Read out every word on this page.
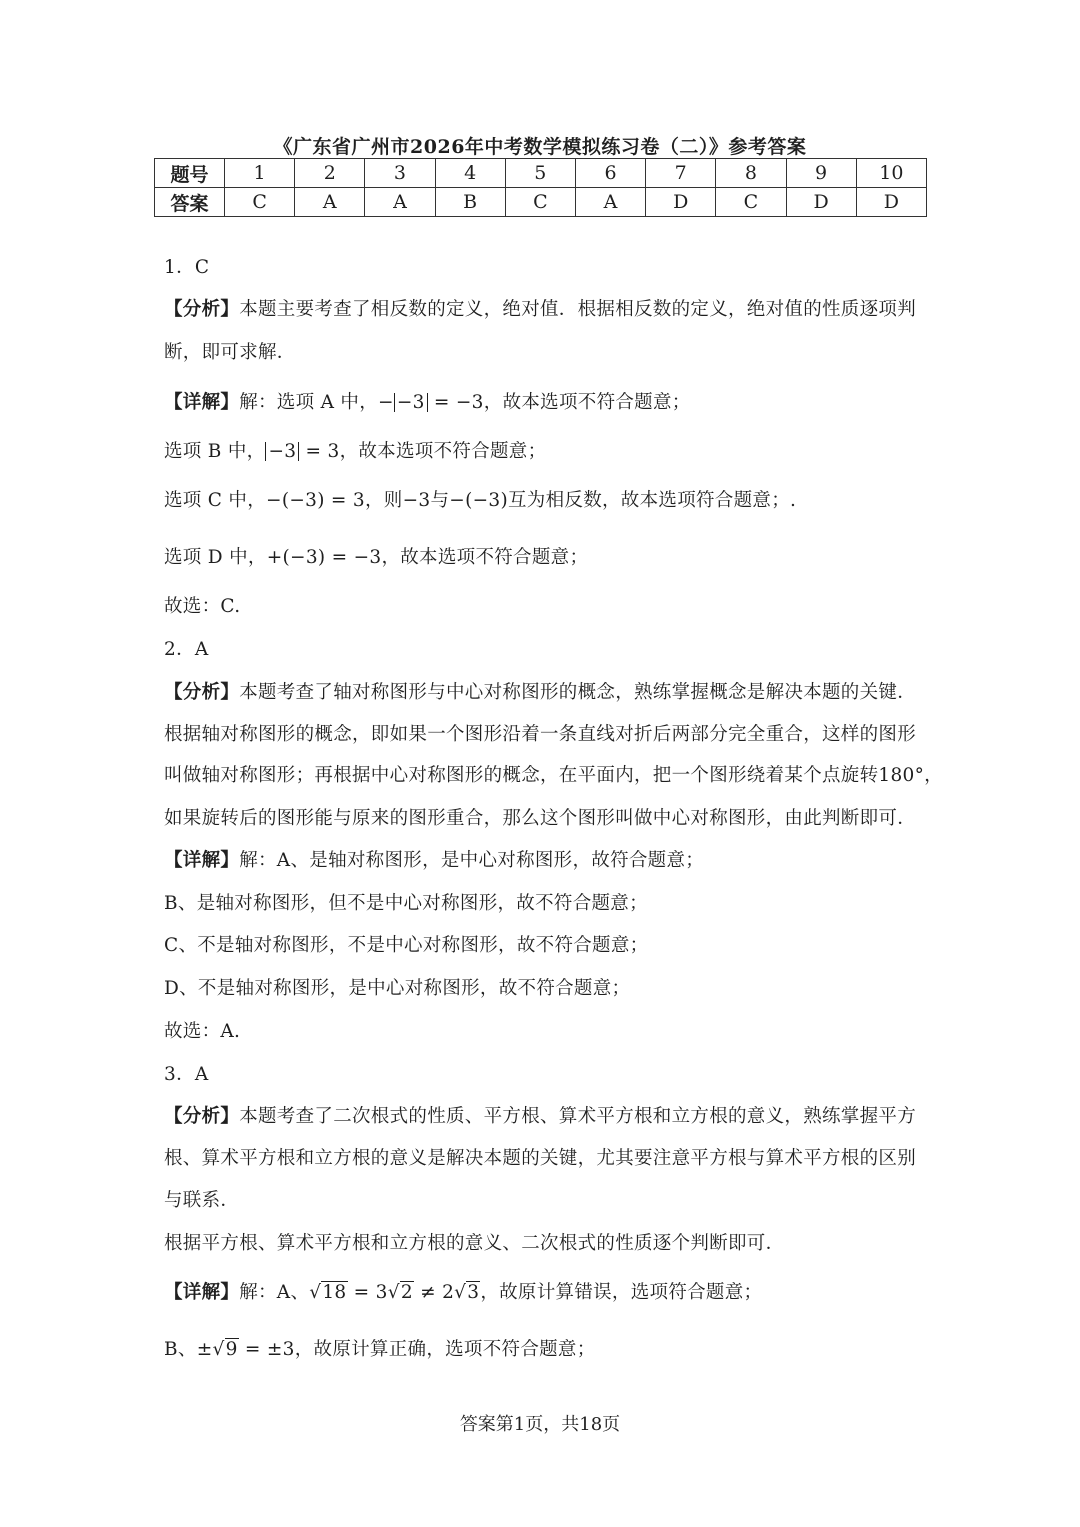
《广东省广州市2026年中考数学模拟练习卷（二）》参考答案
题号	1	2	3	4	5	6	7	8	9	10
答案	C	A	A	B	C	A	D	C	D	D
1．C
【分析】本题主要考查了相反数的定义，绝对值．根据相反数的定义，绝对值的性质逐项判
断，即可求解．
【详解】解：选项 A 中，− −3 = −3，故本选项不符合题意；
选项 B 中， −3 = 3，故本选项不符合题意；
选项 C 中，−(−3) = 3，则−3与−(−3)互为相反数，故本选项符合题意；.
选项 D 中，+(−3) = −3，故本选项不符合题意；
故选：C.
2．A
【分析】本题考查了轴对称图形与中心对称图形的概念，熟练掌握概念是解决本题的关键．
根据轴对称图形的概念，即如果一个图形沿着一条直线对折后两部分完全重合，这样的图形
叫做轴对称图形；再根据中心对称图形的概念，在平面内，把一个图形绕着某个点旋转180°，
如果旋转后的图形能与原来的图形重合，那么这个图形叫做中心对称图形，由此判断即可．
【详解】解：A、是轴对称图形，是中心对称图形，故符合题意；
B、是轴对称图形，但不是中心对称图形，故不符合题意；
C、不是轴对称图形，不是中心对称图形，故不符合题意；
D、不是轴对称图形，是中心对称图形，故不符合题意；
故选：A.
3．A
【分析】本题考查了二次根式的性质、平方根、算术平方根和立方根的意义，熟练掌握平方
根、算术平方根和立方根的意义是解决本题的关键，尤其要注意平方根与算术平方根的区别
与联系．
根据平方根、算术平方根和立方根的意义、二次根式的性质逐个判断即可．
【详解】解：A、√18 = 3√2 ≠ 2√3，故原计算错误，选项符合题意；
B、±√9 = ±3，故原计算正确，选项不符合题意；
答案第1页，共18页
